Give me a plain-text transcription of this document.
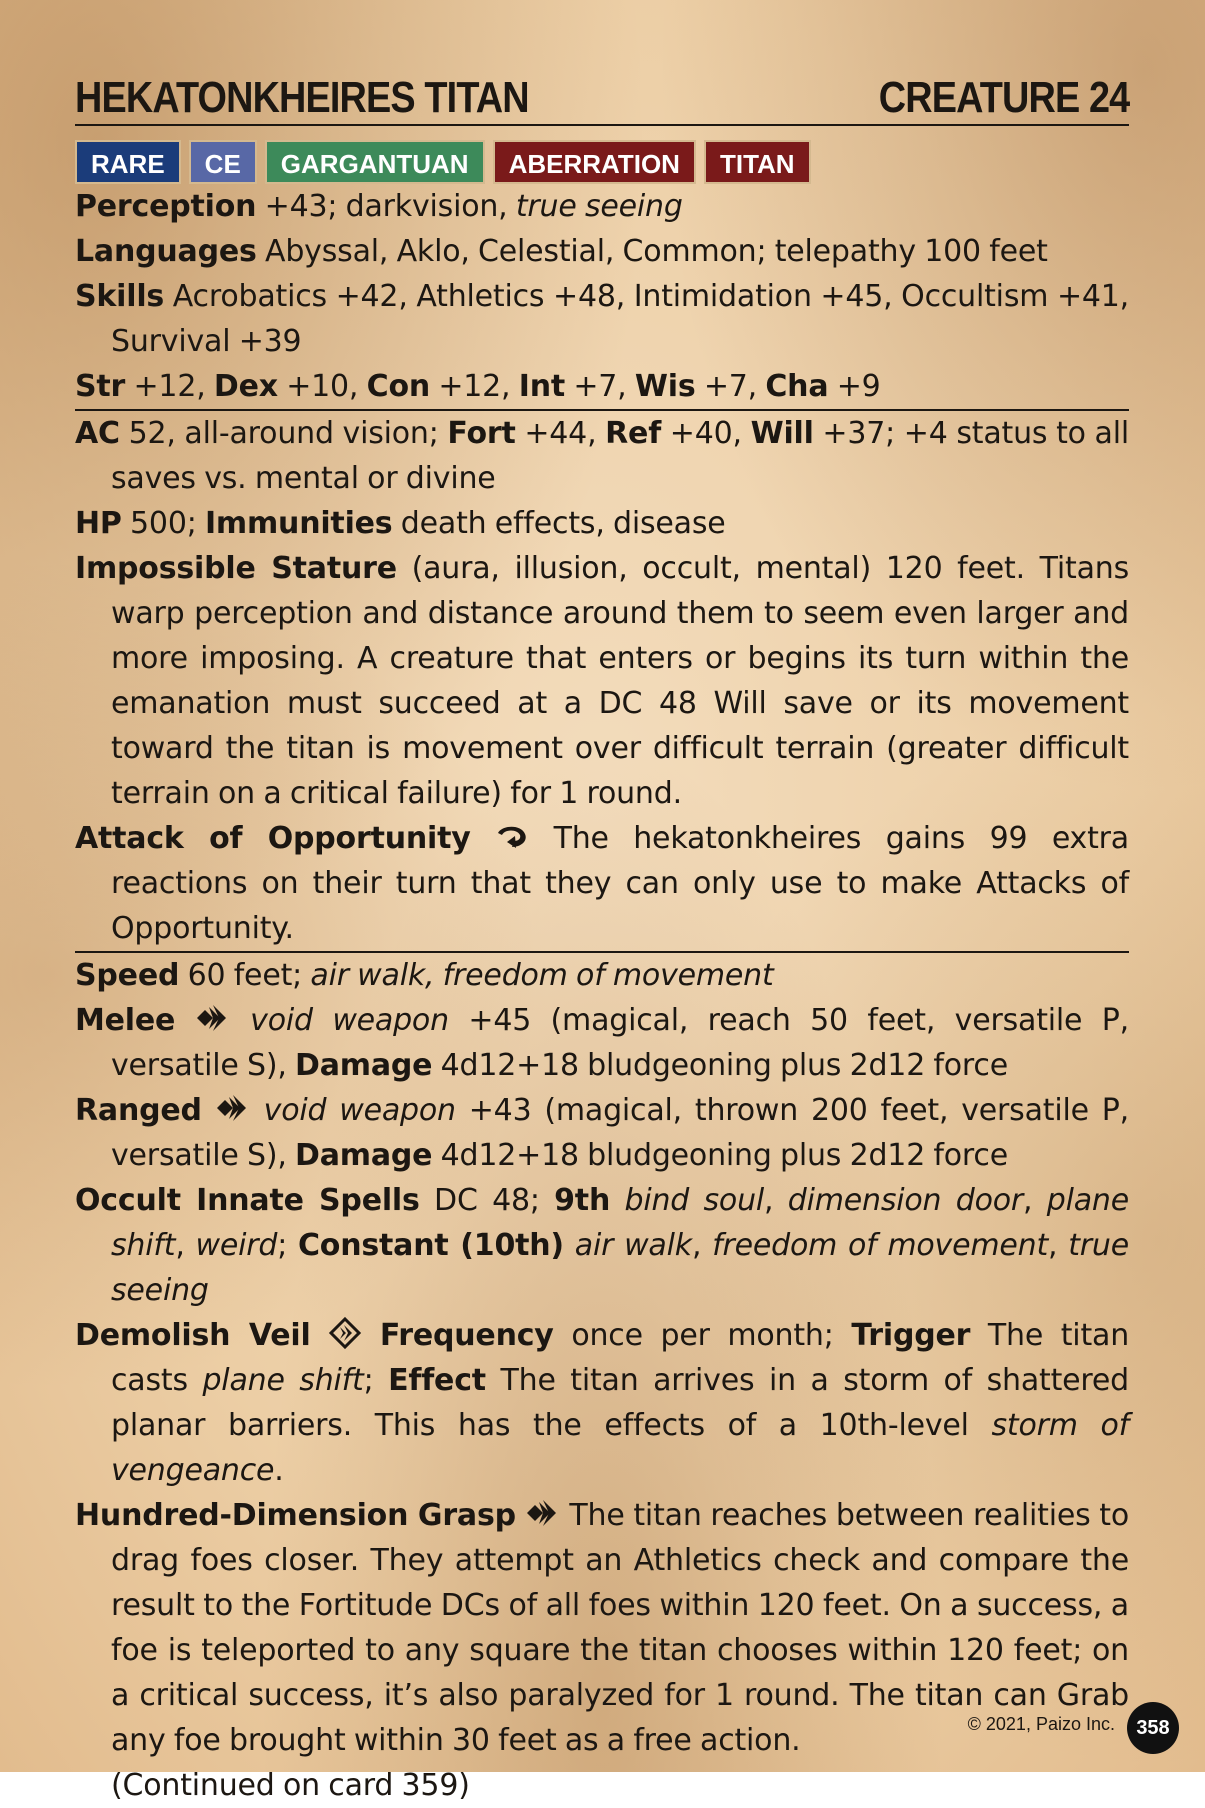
HEKATONKHEIRES TITAN	CREATURE 24
RARE	CE	GARGANTUAN	ABERRATION	TITAN
Perception +43; darkvision, true seeing
Languages Abyssal, Aklo, Celestial, Common; telepathy 100 feet
Skills Acrobatics +42, Athletics +48, Intimidation +45, Occultism +41, Survival +39
Str +12, Dex +10, Con +12, Int +7, Wis +7, Cha +9
AC 52, all-around vision; Fort +44, Ref +40, Will +37; +4 status to all saves vs. mental or divine
HP 500; Immunities death effects, disease
Impossible Stature (aura, illusion, occult, mental) 120 feet. Titans warp perception and distance around them to seem even larger and more imposing. A creature that enters or begins its turn within the emanation must succeed at a DC 48 Will save or its movement toward the titan is movement over difficult terrain (greater difficult terrain on a critical failure) for 1 round.
Attack of Opportunity  The hekatonkheires gains 99 extra reactions on their turn that they can only use to make Attacks of Opportunity.
Speed 60 feet; air walk, freedom of movement
Melee void weapon +45 (magical, reach 50 feet, versatile P, versatile S), Damage 4d12+18 bludgeoning plus 2d12 force
Ranged void weapon +43 (magical, thrown 200 feet, versatile P, versatile S), Damage 4d12+18 bludgeoning plus 2d12 force
Occult Innate Spells DC 48; 9th bind soul, dimension door, plane shift, weird; Constant (10th) air walk, freedom of movement, true seeing
Demolish Veil Frequency once per month; Trigger The titan casts plane shift; Effect The titan arrives in a storm of shattered planar barriers. This has the effects of a 10th-level storm of vengeance.
Hundred-Dimension Grasp  The titan reaches between realities to drag foes closer. They attempt an Athletics check and compare the result to the Fortitude DCs of all foes within 120 feet. On a success, a foe is teleported to any square the titan chooses within 120 feet; on a critical success, it’s also paralyzed for 1 round. The titan can Grab any foe brought within 30 feet as a free action.
(Continued on card 359)
© 2021, Paizo Inc.	358
